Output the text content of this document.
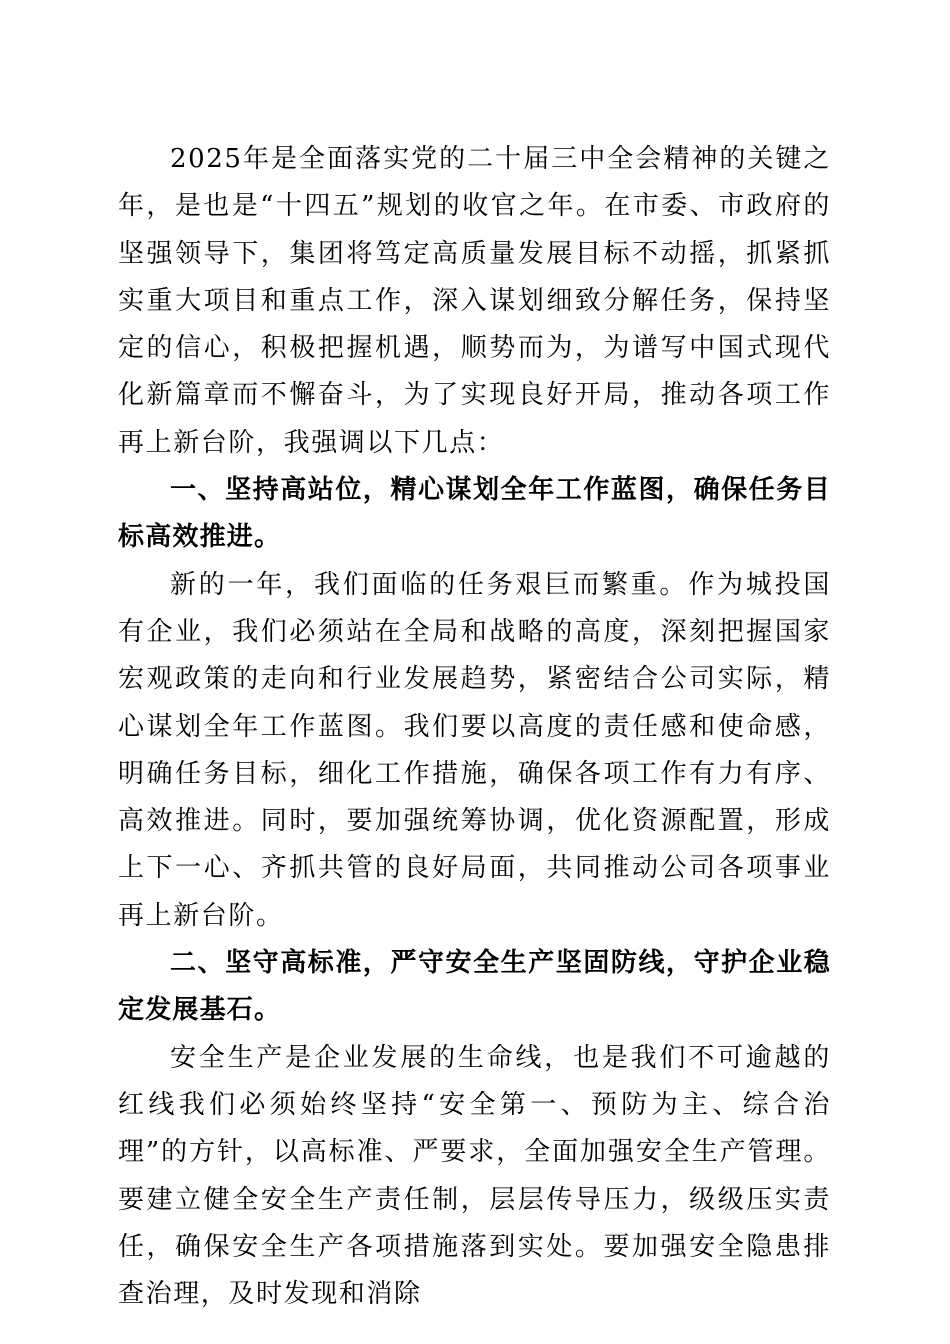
2025年是全面落实党的二十届三中全会精神的关键之年，是也是“十四五”规划的收官之年。在市委、市政府的坚强领导下，集团将笃定高质量发展目标不动摇，抓紧抓实重大项目和重点工作，深入谋划细致分解任务，保持坚定的信心，积极把握机遇，顺势而为，为谱写中国式现代化新篇章而不懈奋斗，为了实现良好开局，推动各项工作再上新台阶，我强调以下几点：

一、坚持高站位，精心谋划全年工作蓝图，确保任务目标高效推进。

新的一年，我们面临的任务艰巨而繁重。作为城投国有企业，我们必须站在全局和战略的高度，深刻把握国家宏观政策的走向和行业发展趋势，紧密结合公司实际，精心谋划全年工作蓝图。我们要以高度的责任感和使命感，明确任务目标，细化工作措施，确保各项工作有力有序、高效推进。同时，要加强统筹协调，优化资源配置，形成上下一心、齐抓共管的良好局面，共同推动公司各项事业再上新台阶。

二、坚守高标准，严守安全生产坚固防线，守护企业稳定发展基石。

安全生产是企业发展的生命线，也是我们不可逾越的红线我们必须始终坚持“安全第一、预防为主、综合治理”的方针，以高标准、严要求，全面加强安全生产管理。要建立健全安全生产责任制，层层传导压力，级级压实责任，确保安全生产各项措施落到实处。要加强安全隐患排查治理，及时发现和消除
